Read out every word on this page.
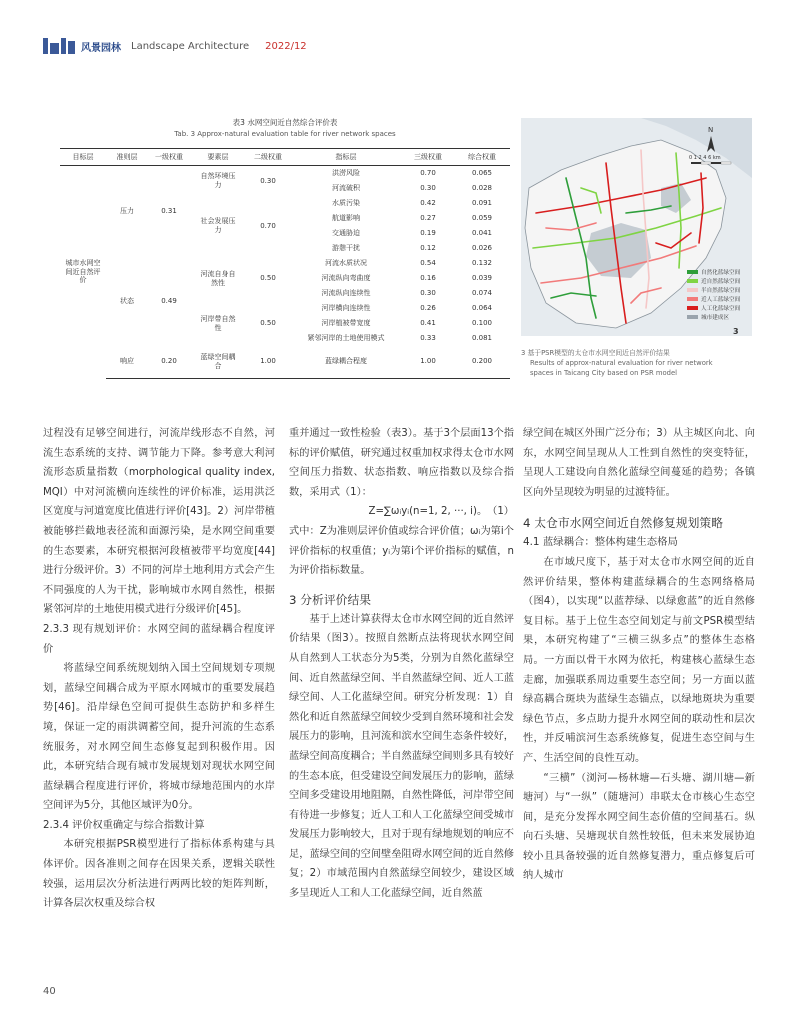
风景园林 Landscape Architecture 2022/12
表3 水网空间近自然综合评价表
Tab. 3 Approx-natural evaluation table for river network spaces
目标层	准则层	一级权重	要素层	二级权重	指标层	三级权重	综合权重
城市水网空间近自然评价	压力	0.31	自然环境压力	0.30	洪涝风险	0.70	0.065
					河流破积	0.30	0.028
			社会发展压力	0.70	水质污染	0.42	0.091
					航道影响	0.27	0.059
					交通胁迫	0.19	0.041
					游憩干扰	0.12	0.026
	状态	0.49	河流自身自然性	0.50	河流水质状况	0.54	0.132
					河流纵向弯曲度	0.16	0.039
					河流纵向连续性	0.30	0.074
			河岸带自然性	0.50	河岸横向连续性	0.26	0.064
					河岸植被带宽度	0.41	0.100
					紧邻河岸的土地使用模式	0.33	0.081
	响应	0.20	蓝绿空间耦合	1.00	蓝绿耦合程度	1.00	0.200
N
0 1 2 4 6 km
自然化蓝绿空间
近自然蓝绿空间
半自然蓝绿空间
近人工蓝绿空间
人工化蓝绿空间
城市建成区
3
3 基于PSR模型的太仓市水网空间近自然评价结果
Results of approx-natural evaluation for river network
spaces in Taicang City based on PSR model

过程没有足够空间进行，河流岸线形态不自然，河流生态系统的支持、调节能力下降。参考意大利河流形态质量指数（morphological quality index, MQI）中对河流横向连续性的评价标准，运用洪泛区宽度与河道宽度比值进行评价[43]。2）河岸带植被能够拦截地表径流和面源污染，是水网空间重要的生态要素，本研究根据河段植被带平均宽度[44]进行分级评价。3）不同的河岸土地利用方式会产生不同强度的人为干扰，影响城市水网自然性，根据紧邻河岸的土地使用模式进行分级评价[45]。

2.3.3 现有规划评价：水网空间的蓝绿耦合程度评价

将蓝绿空间系统规划纳入国土空间规划专项规划，蓝绿空间耦合成为平原水网城市的重要发展趋势[46]。沿岸绿色空间可提供生态防护和多样生境，保证一定的雨洪调蓄空间，提升河流的生态系统服务，对水网空间生态修复起到积极作用。因此，本研究结合现有城市发展规划对现状水网空间蓝绿耦合程度进行评价，将城市绿地范围内的水岸空间评为5分，其他区域评为0分。

2.3.4 评价权重确定与综合指数计算

本研究根据PSR模型进行了指标体系构建与具体评价。因各准则之间存在因果关系，逻辑关联性较强，运用层次分析法进行两两比较的矩阵判断，计算各层次权重及综合权

重并通过一致性检验（表3）。基于3个层面13个指标的评价赋值，研究通过权重加权求得太仓市水网空间压力指数、状态指数、响应指数以及综合指数，采用式（1）：

Z=∑ωᵢyᵢ(n=1, 2, ···, i)。　（1）

式中：Z为准则层评价值或综合评价值；ωᵢ为第i个评价指标的权重值；yᵢ为第i个评价指标的赋值，n为评价指标数量。

3 分析评价结果

基于上述计算获得太仓市水网空间的近自然评价结果（图3）。按照自然断点法将现状水网空间从自然到人工状态分为5类，分别为自然化蓝绿空间、近自然蓝绿空间、半自然蓝绿空间、近人工蓝绿空间、人工化蓝绿空间。研究分析发现：1）自然化和近自然蓝绿空间较少受到自然环境和社会发展压力的影响，且河流和滨水空间生态条件较好，蓝绿空间高度耦合；半自然蓝绿空间则多具有较好的生态本底，但受建设空间发展压力的影响，蓝绿空间多受建设用地阻隔，自然性降低，河岸带空间有待进一步修复；近人工和人工化蓝绿空间受城市发展压力影响较大，且对于现有绿地规划的响应不足，蓝绿空间的空间壁垒阻碍水网空间的近自然修复；2）市域范围内自然蓝绿空间较少，建设区域多呈现近人工和人工化蓝绿空间，近自然蓝

绿空间在城区外围广泛分布；3）从主城区向北、向东，水网空间呈现从人工性到自然性的突变特征，呈现人工建设向自然化蓝绿空间蔓延的趋势；各镇区向外呈现较为明显的过渡特征。

4 太仓市水网空间近自然修复规划策略

4.1 蓝绿耦合：整体构建生态格局

在市域尺度下，基于对太仓市水网空间的近自然评价结果，整体构建蓝绿耦合的生态网络格局（图4），以实现“以蓝荐绿、以绿愈蓝”的近自然修复目标。基于上位生态空间划定与前文PSR模型结果，本研究构建了“三横三纵多点”的整体生态格局。一方面以骨干水网为依托，构建核心蓝绿生态走廊，加强联系周边重要生态空间；另一方面以蓝绿高耦合斑块为蓝绿生态锚点，以绿地斑块为重要绿色节点，多点助力提升水网空间的联动性和层次性，并反哺滨河生态系统修复，促进生态空间与生产、生活空间的良性互动。

“三横”（浏河—杨林塘—石头塘、湖川塘—新塘河）与“一纵”（随塘河）串联太仓市核心生态空间，是充分发挥水网空间生态价值的空间基石。纵向石头塘、吴塘现状自然性较低，但未来发展协迫较小且具备较强的近自然修复潜力，重点修复后可纳人城市

40
